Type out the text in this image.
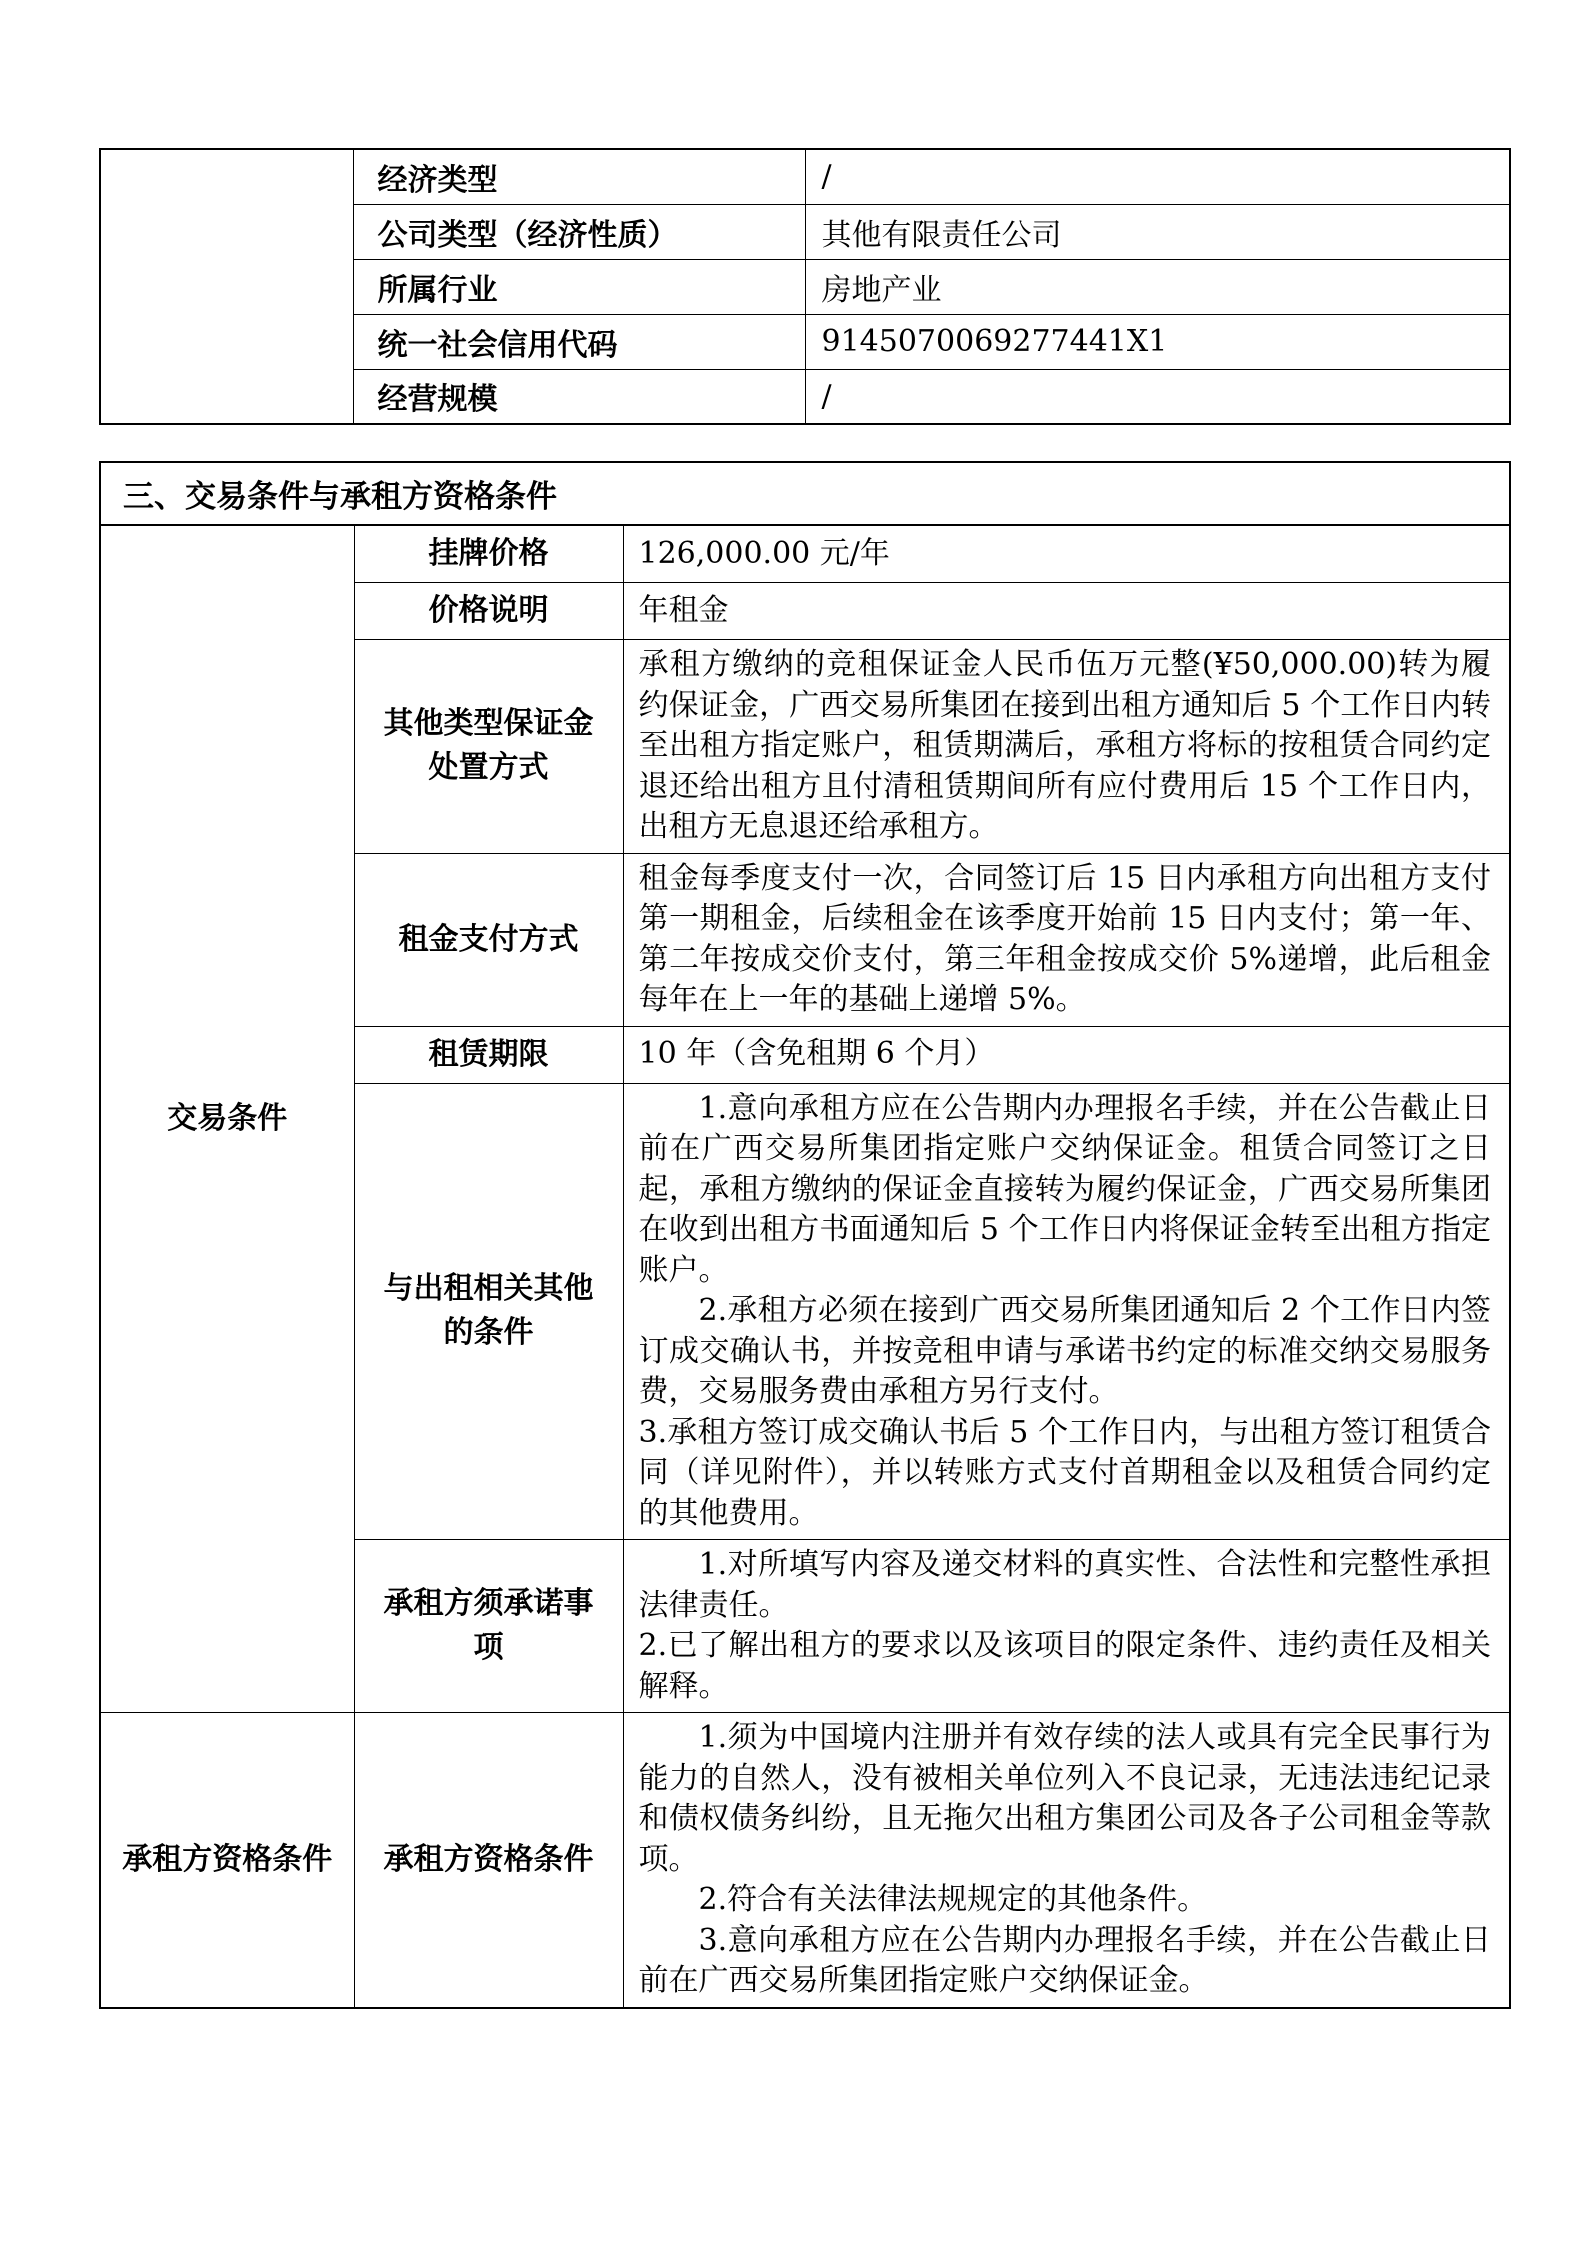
	经济类型	/
	公司类型（经济性质）	其他有限责任公司
	所属行业	房地产业
	统一社会信用代码	9145070069277441X1
	经营规模	/
三、交易条件与承租方资格条件		
交易条件	挂牌价格	126,000.00 元/年

	价格说明	年租金

	其他类型保证金处置方式	承租方缴纳的竞租保证金人民币伍万元整(¥50,000.00)转为履约保证金，广西交易所集团在接到出租方通知后 5 个工作日内转至出租方指定账户，租赁期满后，承租方将标的按租赁合同约定退还给出租方且付清租赁期间所有应付费用后 15 个工作日内，出租方无息退还给承租方。

	租金支付方式	租金每季度支付一次，合同签订后 15 日内承租方向出租方支付第一期租金，后续租金在该季度开始前 15 日内支付；第一年、第二年按成交价支付，第三年租金按成交价 5%递增，此后租金每年在上一年的基础上递增 5%。

	租赁期限	10 年（含免租期 6 个月）

	与出租相关其他的条件	1.意向承租方应在公告期内办理报名手续，并在公告截止日前在广西交易所集团指定账户交纳保证金。租赁合同签订之日起，承租方缴纳的保证金直接转为履约保证金，广西交易所集团在收到出租方书面通知后 5 个工作日内将保证金转至出租方指定账户。

2.承租方必须在接到广西交易所集团通知后 2 个工作日内签订成交确认书，并按竞租申请与承诺书约定的标准交纳交易服务费，交易服务费由承租方另行支付。

3.承租方签订成交确认书后 5 个工作日内，与出租方签订租赁合同（详见附件），并以转账方式支付首期租金以及租赁合同约定的其他费用。

	承租方须承诺事项	1.对所填写内容及递交材料的真实性、合法性和完整性承担法律责任。

2.已了解出租方的要求以及该项目的限定条件、违约责任及相关解释。

承租方资格条件	承租方资格条件	1.须为中国境内注册并有效存续的法人或具有完全民事行为能力的自然人，没有被相关单位列入不良记录，无违法违纪记录和债权债务纠纷，且无拖欠出租方集团公司及各子公司租金等款项。

2.符合有关法律法规规定的其他条件。

3.意向承租方应在公告期内办理报名手续，并在公告截止日前在广西交易所集团指定账户交纳保证金。
